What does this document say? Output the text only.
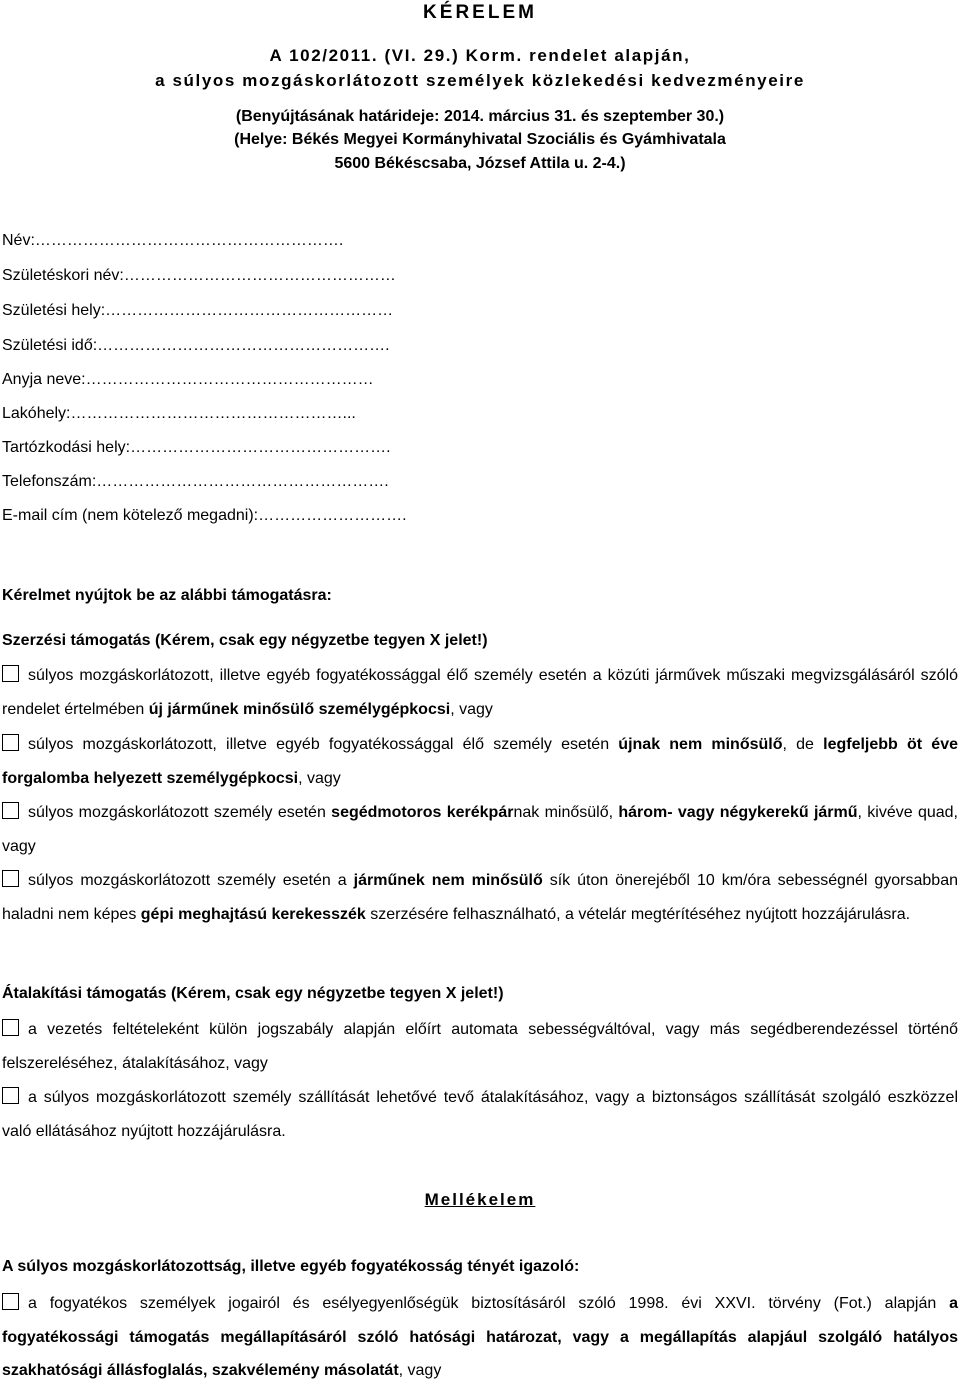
KÉRELEM
A 102/2011. (VI. 29.) Korm. rendelet alapján,
a súlyos mozgáskorlátozott személyek közlekedési kedvezményeire
(Benyújtásának határideje: 2014. március 31. és szeptember 30.)
(Helye: Békés Megyei Kormányhivatal Szociális és Gyámhivatala
5600 Békéscsaba, József Attila u. 2-4.)
Név:………………………………………………….
Születéskori név:……………………………………………
Születési hely:………………………………………………
Születési idő:……………………………………………….
Anyja neve:………………………………………………
Lakóhely:……………………………………………...
Tartózkodási hely:………………………………………….
Telefonszám:……………………………………………….
E-mail cím (nem kötelező megadni):……………………….
Kérelmet nyújtok be az alábbi támogatásra:
Szerzési támogatás (Kérem, csak egy négyzetbe tegyen X jelet!)
súlyos mozgáskorlátozott, illetve egyéb fogyatékossággal élő személy esetén a közúti járművek műszaki megvizsgálásáról szóló rendelet értelmében új járműnek minősülő személygépkocsi, vagy
súlyos mozgáskorlátozott, illetve egyéb fogyatékossággal élő személy esetén újnak nem minősülő, de legfeljebb öt éve forgalomba helyezett személygépkocsi, vagy
súlyos mozgáskorlátozott személy esetén segédmotoros kerékpárnak minősülő, három- vagy négykerekű jármű, kivéve quad, vagy
súlyos mozgáskorlátozott személy esetén a járműnek nem minősülő sík úton önerejéből 10 km/óra sebességnél gyorsabban haladni nem képes gépi meghajtású kerekesszék szerzésére felhasználható, a vételár megtérítéséhez nyújtott hozzájárulásra.
Átalakítási támogatás (Kérem, csak egy négyzetbe tegyen X jelet!)
a vezetés feltételeként külön jogszabály alapján előírt automata sebességváltóval, vagy más segédberendezéssel történő felszereléséhez, átalakításához, vagy
a súlyos mozgáskorlátozott személy szállítását lehetővé tevő átalakításához, vagy a biztonságos szállítását szolgáló eszközzel való ellátásához nyújtott hozzájárulásra.
Mellékelem
A súlyos mozgáskorlátozottság, illetve egyéb fogyatékosság tényét igazoló:
a fogyatékos személyek jogairól és esélyegyenlőségük biztosításáról szóló 1998. évi XXVI. törvény (Fot.) alapján a fogyatékossági támogatás megállapításáról szóló hatósági határozat, vagy a megállapítás alapjául szolgáló hatályos szakhatósági állásfoglalás, szakvélemény másolatát, vagy
